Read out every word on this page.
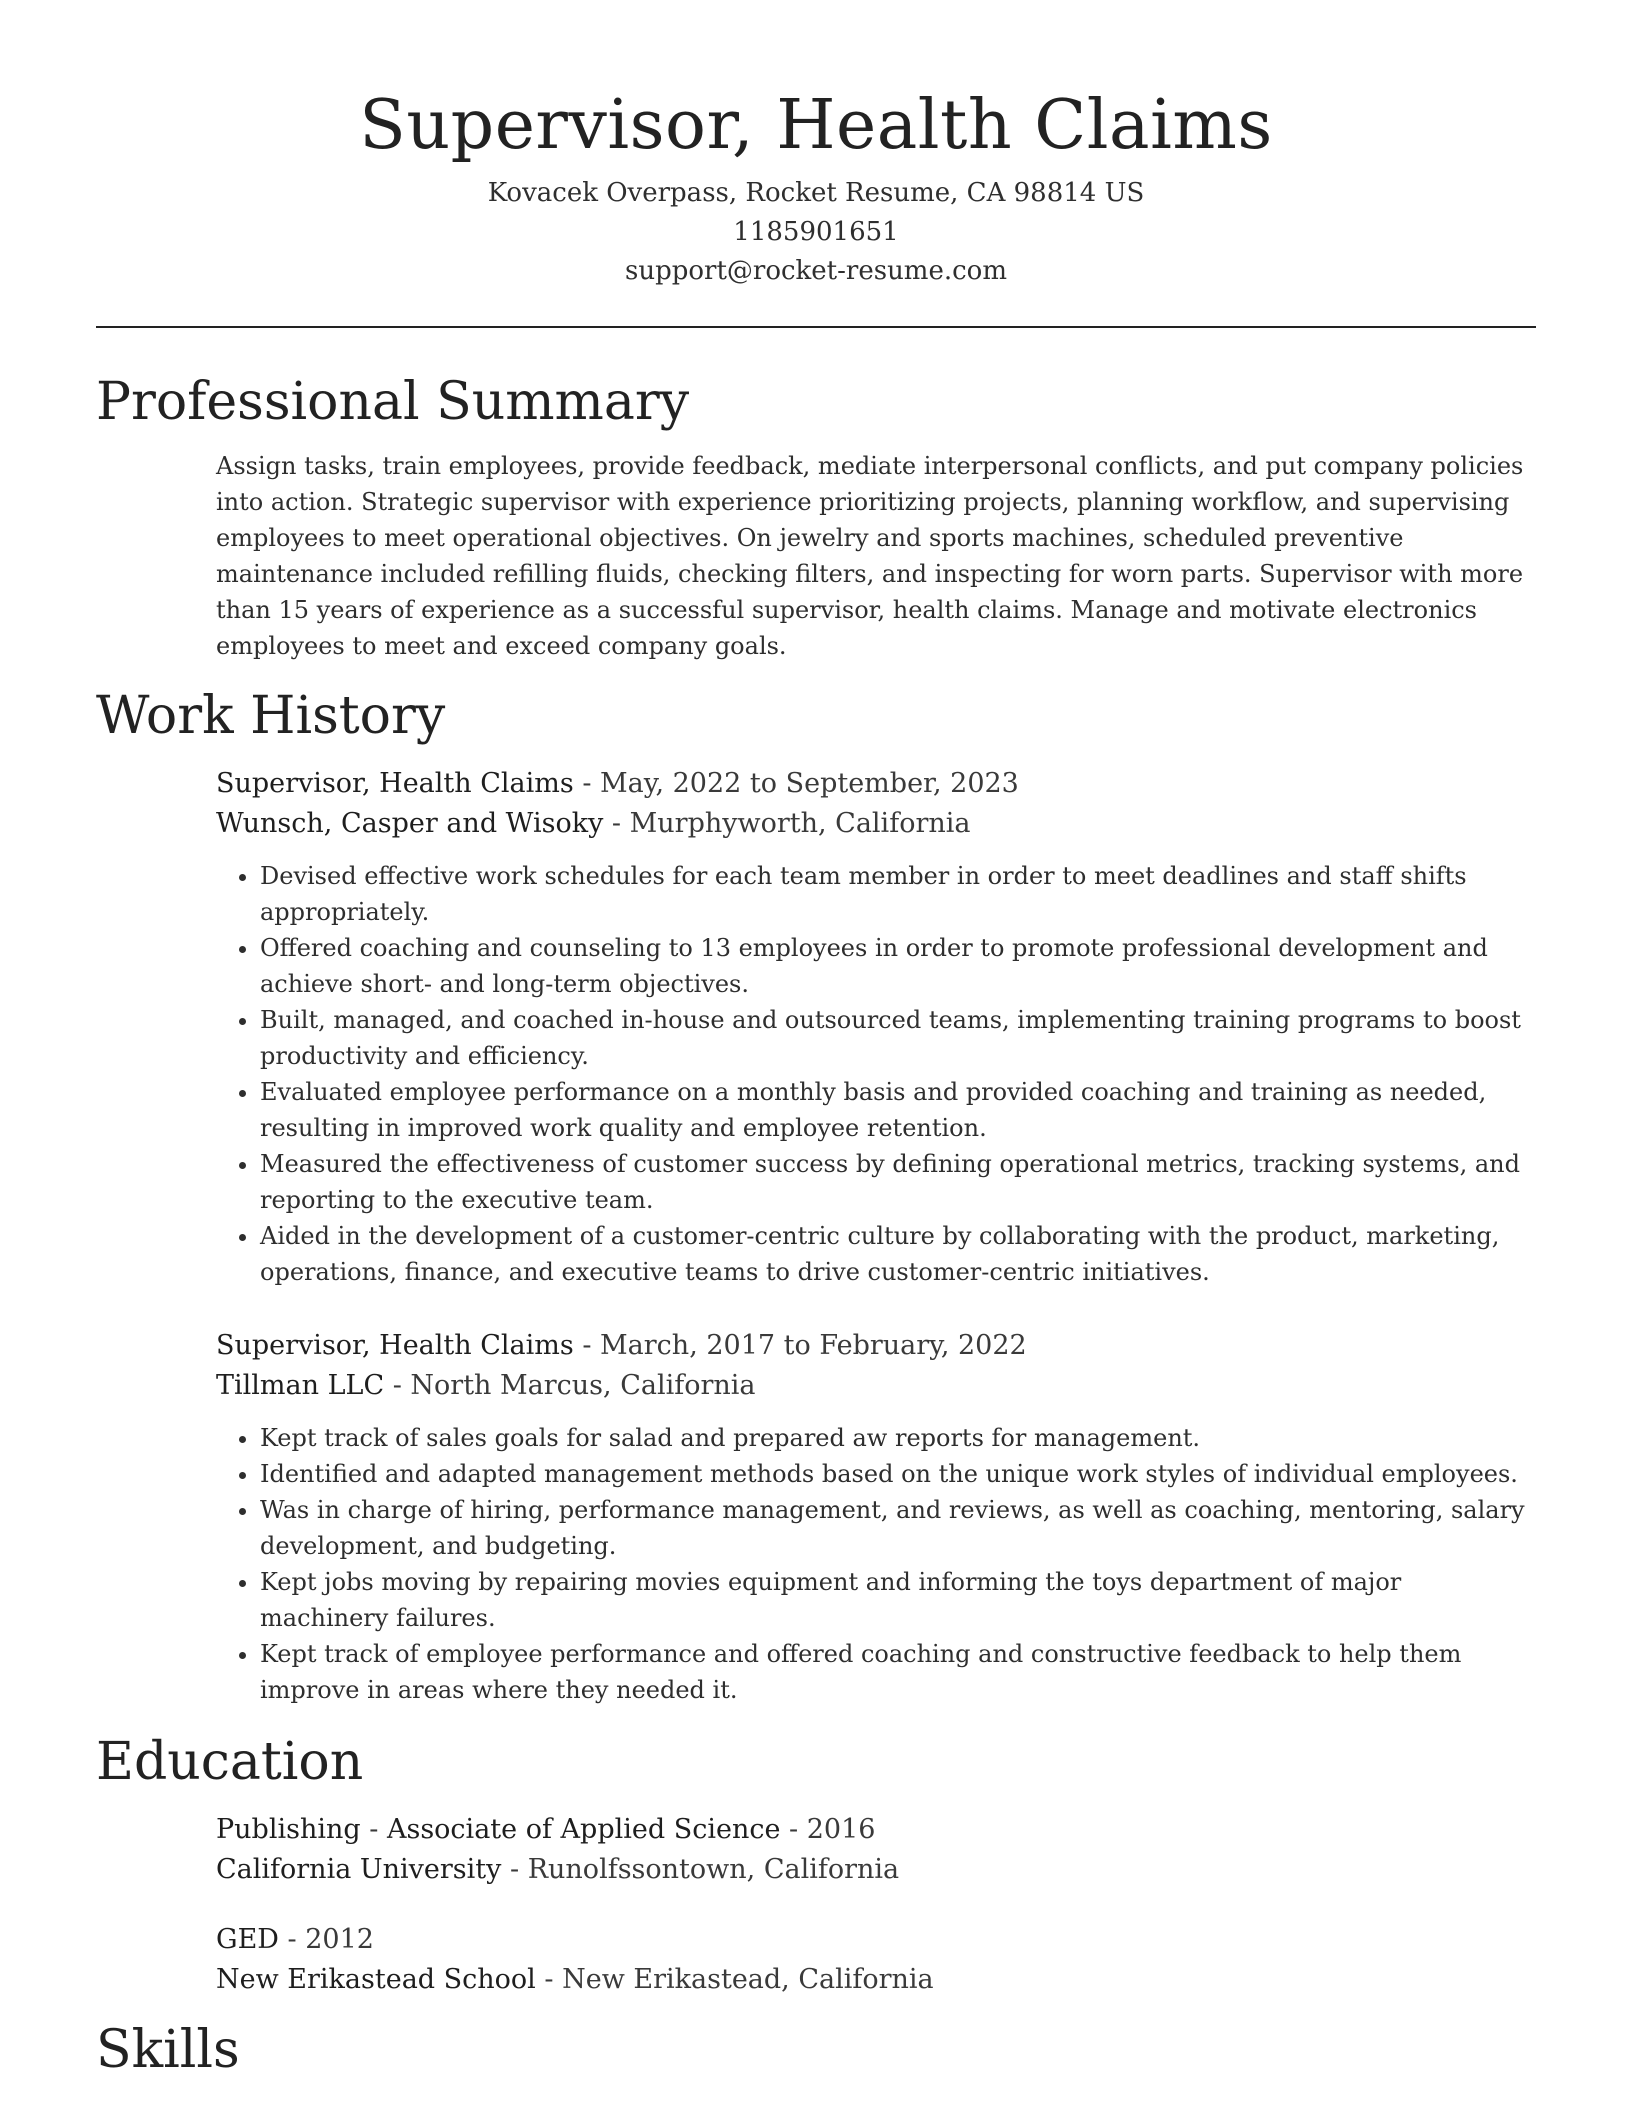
Supervisor, Health Claims
Kovacek Overpass, Rocket Resume, CA 98814 US
1185901651
support@rocket-resume.com
Professional Summary
Assign tasks, train employees, provide feedback, mediate interpersonal conflicts, and put company policies into action. Strategic supervisor with experience prioritizing projects, planning workflow, and supervising employees to meet operational objectives. On jewelry and sports machines, scheduled preventive maintenance included refilling fluids, checking filters, and inspecting for worn parts. Supervisor with more than 15 years of experience as a successful supervisor, health claims. Manage and motivate electronics employees to meet and exceed company goals.
Work History
Supervisor, Health Claims - May, 2022 to September, 2023
Wunsch, Casper and Wisoky - Murphyworth, California
• Devised effective work schedules for each team member in order to meet deadlines and staff shifts appropriately.
• Offered coaching and counseling to 13 employees in order to promote professional development and achieve short- and long-term objectives.
• Built, managed, and coached in-house and outsourced teams, implementing training programs to boost productivity and efficiency.
• Evaluated employee performance on a monthly basis and provided coaching and training as needed, resulting in improved work quality and employee retention.
• Measured the effectiveness of customer success by defining operational metrics, tracking systems, and reporting to the executive team.
• Aided in the development of a customer-centric culture by collaborating with the product, marketing, operations, finance, and executive teams to drive customer-centric initiatives.
Supervisor, Health Claims - March, 2017 to February, 2022
Tillman LLC - North Marcus, California
• Kept track of sales goals for salad and prepared aw reports for management.
• Identified and adapted management methods based on the unique work styles of individual employees.
• Was in charge of hiring, performance management, and reviews, as well as coaching, mentoring, salary development, and budgeting.
• Kept jobs moving by repairing movies equipment and informing the toys department of major machinery failures.
• Kept track of employee performance and offered coaching and constructive feedback to help them improve in areas where they needed it.
Education
Publishing - Associate of Applied Science - 2016
California University - Runolfssontown, California
GED - 2012
New Erikastead School - New Erikastead, California
Skills
